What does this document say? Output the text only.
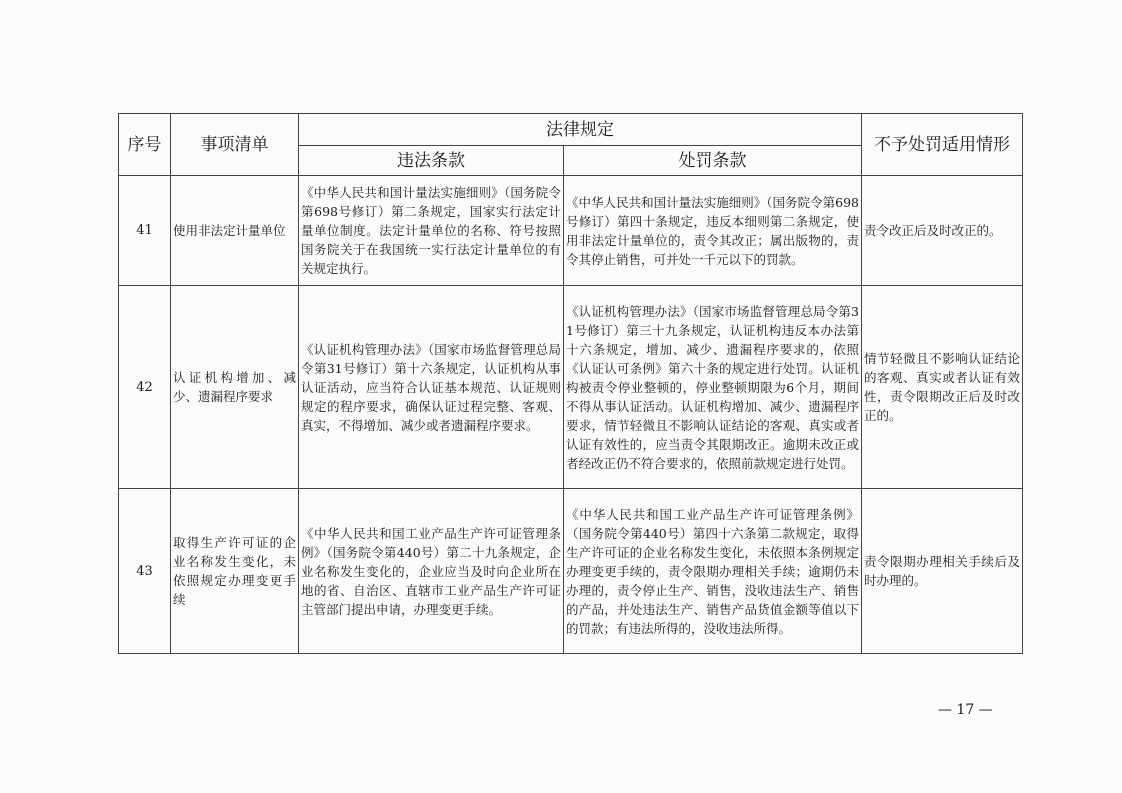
序号	事项清单	法律规定		不予处罚适用情形
		违法条款	处罚条款	
41	使用非法定计量单位	《中华人民共和国计量法实施细则》（国务院令第698号修订）第二条规定，国家实行法定计量单位制度。法定计量单位的名称、符号按照国务院关于在我国统一实行法定计量单位的有关规定执行。	《中华人民共和国计量法实施细则》（国务院令第698号修订）第四十条规定，违反本细则第二条规定，使用非法定计量单位的，责令其改正；属出版物的，责令其停止销售，可并处一千元以下的罚款。	责令改正后及时改正的。
42	认证机构增加、减少、遗漏程序要求	《认证机构管理办法》（国家市场监督管理总局令第31号修订）第十六条规定，认证机构从事认证活动，应当符合认证基本规范、认证规则规定的程序要求，确保认证过程完整、客观、真实，不得增加、减少或者遗漏程序要求。	《认证机构管理办法》（国家市场监督管理总局令第31号修订）第三十九条规定，认证机构违反本办法第十六条规定，增加、减少、遗漏程序要求的，依照《认证认可条例》第六十条的规定进行处罚。认证机构被责令停业整顿的，停业整顿期限为6个月，期间不得从事认证活动。认证机构增加、减少、遗漏程序要求，情节轻微且不影响认证结论的客观、真实或者认证有效性的，应当责令其限期改正。逾期未改正或者经改正仍不符合要求的，依照前款规定进行处罚。	情节轻微且不影响认证结论的客观、真实或者认证有效性，责令限期改正后及时改正的。
43	取得生产许可证的企业名称发生变化，未依照规定办理变更手续	《中华人民共和国工业产品生产许可证管理条例》（国务院令第440号）第二十九条规定，企业名称发生变化的，企业应当及时向企业所在地的省、自治区、直辖市工业产品生产许可证主管部门提出申请，办理变更手续。	《中华人民共和国工业产品生产许可证管理条例》（国务院令第440号）第四十六条第二款规定，取得生产许可证的企业名称发生变化，未依照本条例规定办理变更手续的，责令限期办理相关手续；逾期仍未办理的，责令停止生产、销售，没收违法生产、销售的产品，并处违法生产、销售产品货值金额等值以下的罚款；有违法所得的，没收违法所得。	责令限期办理相关手续后及时办理的。
— 17 —
